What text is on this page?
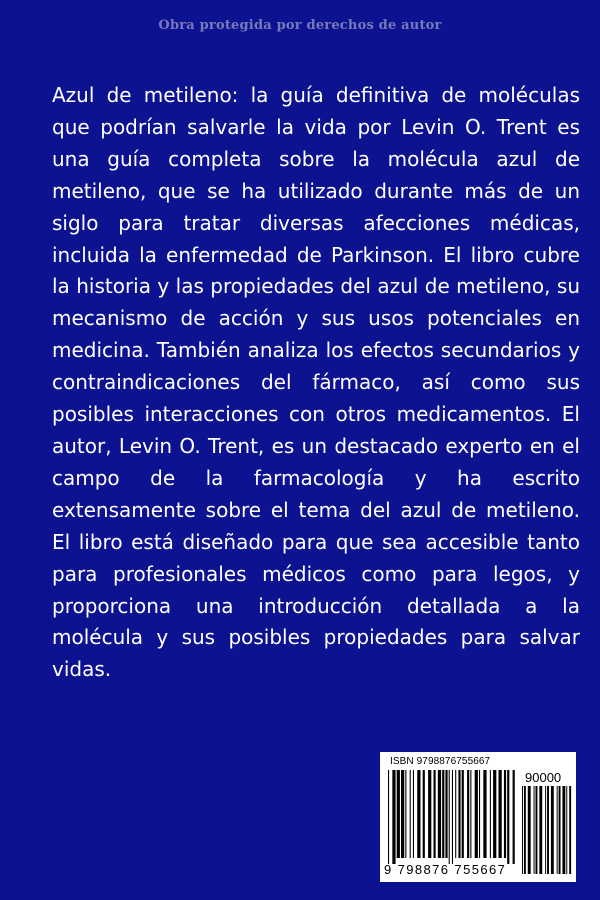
Obra protegida por derechos de autor

Azul de metileno: la guía definitiva de moléculas que podrían salvarle la vida por Levin O. Trent es una guía completa sobre la molécula azul de metileno, que se ha utilizado durante más de un siglo para tratar diversas afecciones médicas, incluida la enfermedad de Parkinson. El libro cubre la historia y las propiedades del azul de metileno, su mecanismo de acción y sus usos potenciales en medicina. También analiza los efectos secundarios y contraindicaciones del fármaco, así como sus posibles interacciones con otros medicamentos. El autor, Levin O. Trent, es un destacado experto en el campo de la farmacología y ha escrito extensamente sobre el tema del azul de metileno. El libro está diseñado para que sea accesible tanto para profesionales médicos como para legos, y proporciona una introducción detallada a la molécula y sus posibles propiedades para salvar vidas.

ISBN 9798876755667
90000
9 798876 755667
